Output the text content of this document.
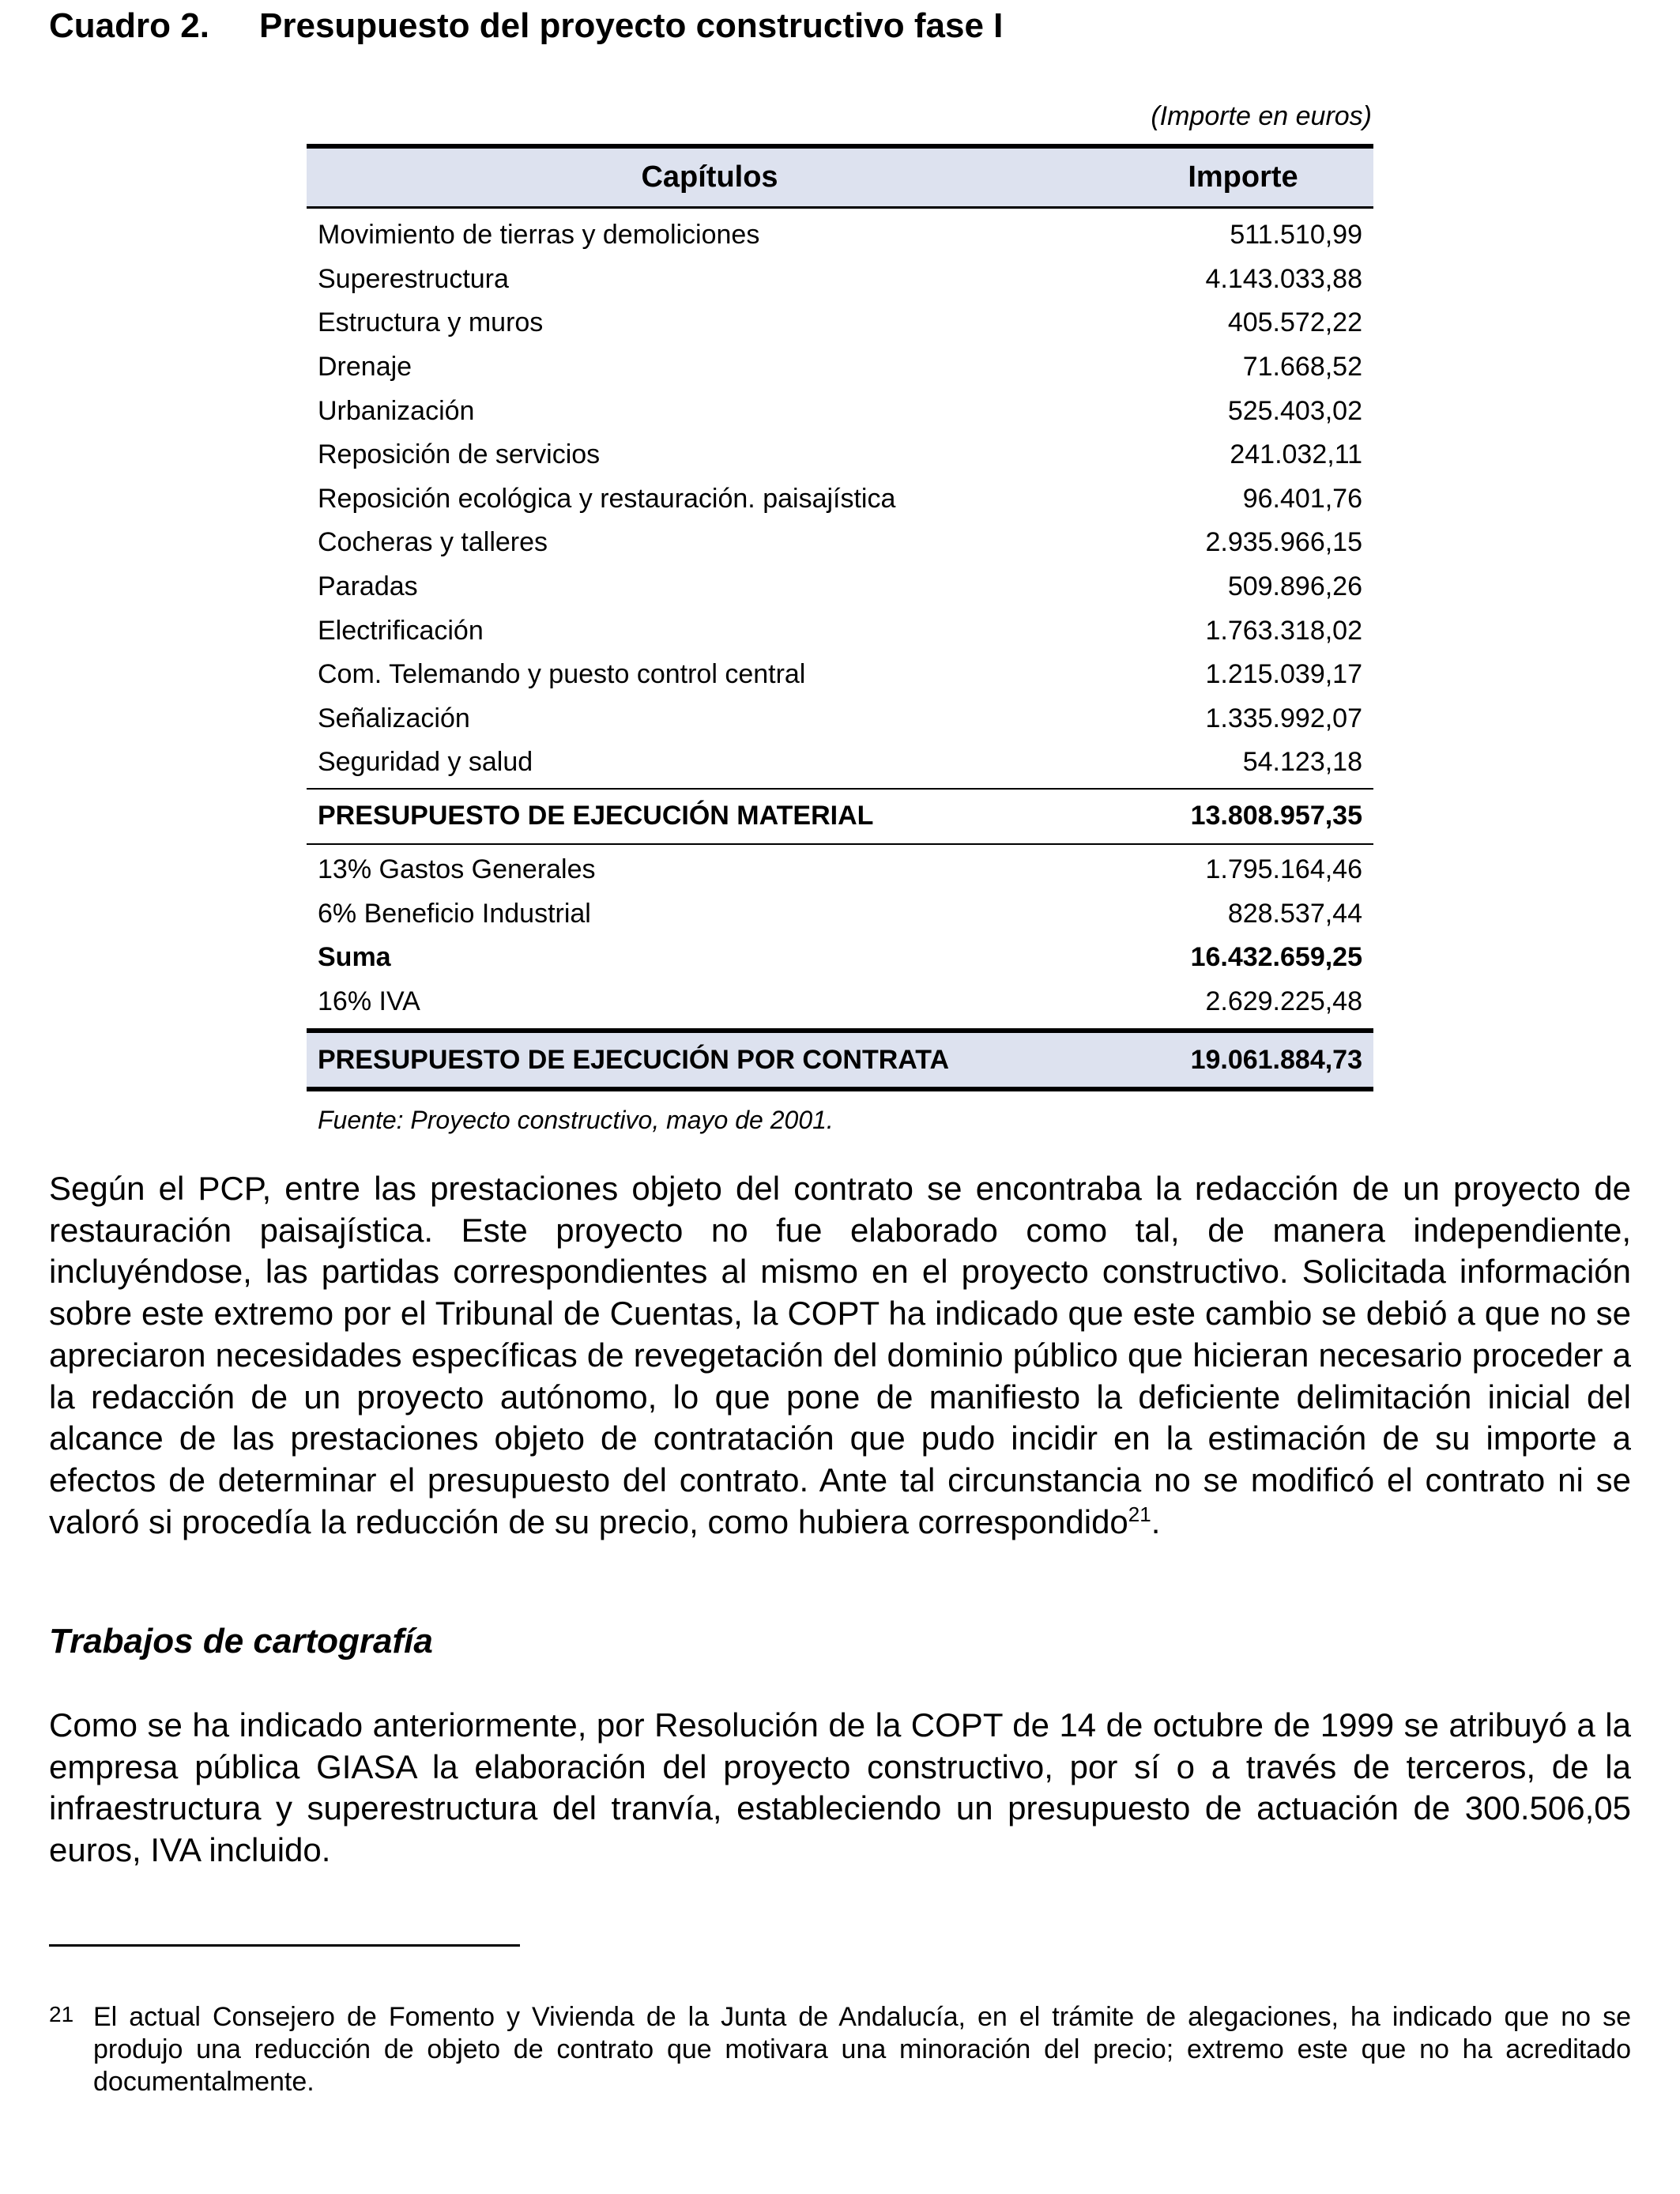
Cuadro 2. Presupuesto del proyecto constructivo fase I
(Importe en euros)
Capítulos	Importe
Movimiento de tierras y demoliciones	511.510,99
Superestructura	4.143.033,88
Estructura y muros	405.572,22
Drenaje	71.668,52
Urbanización	525.403,02
Reposición de servicios	241.032,11
Reposición ecológica y restauración. paisajística	96.401,76
Cocheras y talleres	2.935.966,15
Paradas	509.896,26
Electrificación	1.763.318,02
Com. Telemando y puesto control central	1.215.039,17
Señalización	1.335.992,07
Seguridad y salud	54.123,18
PRESUPUESTO DE EJECUCIÓN MATERIAL	13.808.957,35
13% Gastos Generales	1.795.164,46
6% Beneficio Industrial	828.537,44
Suma	16.432.659,25
16% IVA	2.629.225,48
PRESUPUESTO DE EJECUCIÓN POR CONTRATA	19.061.884,73
Fuente: Proyecto constructivo, mayo de 2001.
Según el PCP, entre las prestaciones objeto del contrato se encontraba la redacción de un proyecto de restauración paisajística. Este proyecto no fue elaborado como tal, de manera independiente, incluyéndose, las partidas correspondientes al mismo en el proyecto constructivo. Solicitada información sobre este extremo por el Tribunal de Cuentas, la COPT ha indicado que este cambio se debió a que no se apreciaron necesidades específicas de revegetación del dominio público que hicieran necesario proceder a la redacción de un proyecto autónomo, lo que pone de manifiesto la deficiente delimitación inicial del alcance de las prestaciones objeto de contratación que pudo incidir en la estimación de su importe a efectos de determinar el presupuesto del contrato. Ante tal circunstancia no se modificó el contrato ni se valoró si procedía la reducción de su precio, como hubiera correspondido$^{21}$.
Trabajos de cartografía
Como se ha indicado anteriormente, por Resolución de la COPT de 14 de octubre de 1999 se atribuyó a la empresa pública GIASA la elaboración del proyecto constructivo, por sí o a través de terceros, de la infraestructura y superestructura del tranvía, estableciendo un presupuesto de actuación de 300.506,05 euros, IVA incluido.
21 El actual Consejero de Fomento y Vivienda de la Junta de Andalucía, en el trámite de alegaciones, ha indicado que no se produjo una reducción de objeto de contrato que motivara una minoración del precio; extremo este que no ha acreditado documentalmente.
